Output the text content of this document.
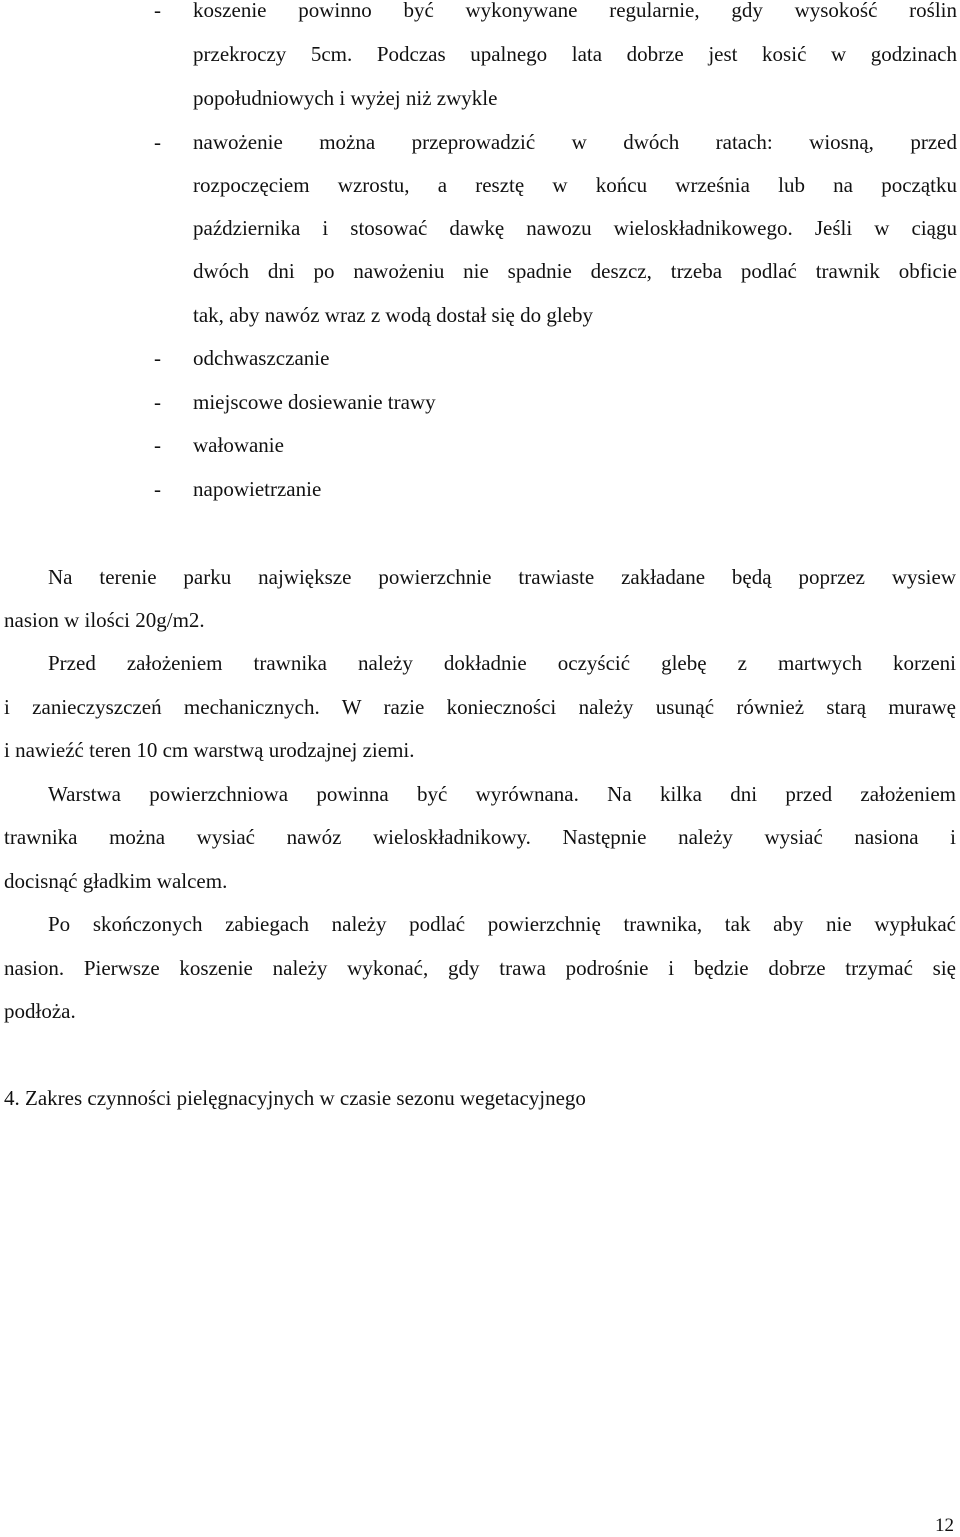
- koszenie powinno być wykonywane regularnie, gdy wysokość roślin
przekroczy 5cm. Podczas upalnego lata dobrze jest kosić w godzinach
popołudniowych i wyżej niż zwykle
- nawożenie można przeprowadzić w dwóch ratach: wiosną, przed
rozpoczęciem wzrostu, a resztę w końcu września lub na początku
października i stosować dawkę nawozu wieloskładnikowego. Jeśli w ciągu
dwóch dni po nawożeniu nie spadnie deszcz, trzeba podlać trawnik obficie
tak, aby nawóz wraz z wodą dostał się do gleby
- odchwaszczanie
- miejscowe dosiewanie trawy
- wałowanie
- napowietrzanie
Na terenie parku największe powierzchnie trawiaste zakładane będą poprzez wysiew
nasion w ilości 20g/m2.
Przed założeniem trawnika należy dokładnie oczyścić glebę z martwych korzeni
i zanieczyszczeń mechanicznych. W razie konieczności należy usunąć również starą murawę
i nawieźć teren 10 cm warstwą urodzajnej ziemi.
Warstwa powierzchniowa powinna być wyrównana. Na kilka dni przed założeniem
trawnika można wysiać nawóz wieloskładnikowy. Następnie należy wysiać nasiona i
docisnąć gładkim walcem.
Po skończonych zabiegach należy podlać powierzchnię trawnika, tak aby nie wypłukać
nasion. Pierwsze koszenie należy wykonać, gdy trawa podrośnie i będzie dobrze trzymać się
podłoża.
4. Zakres czynności pielęgnacyjnych w czasie sezonu wegetacyjnego
12
